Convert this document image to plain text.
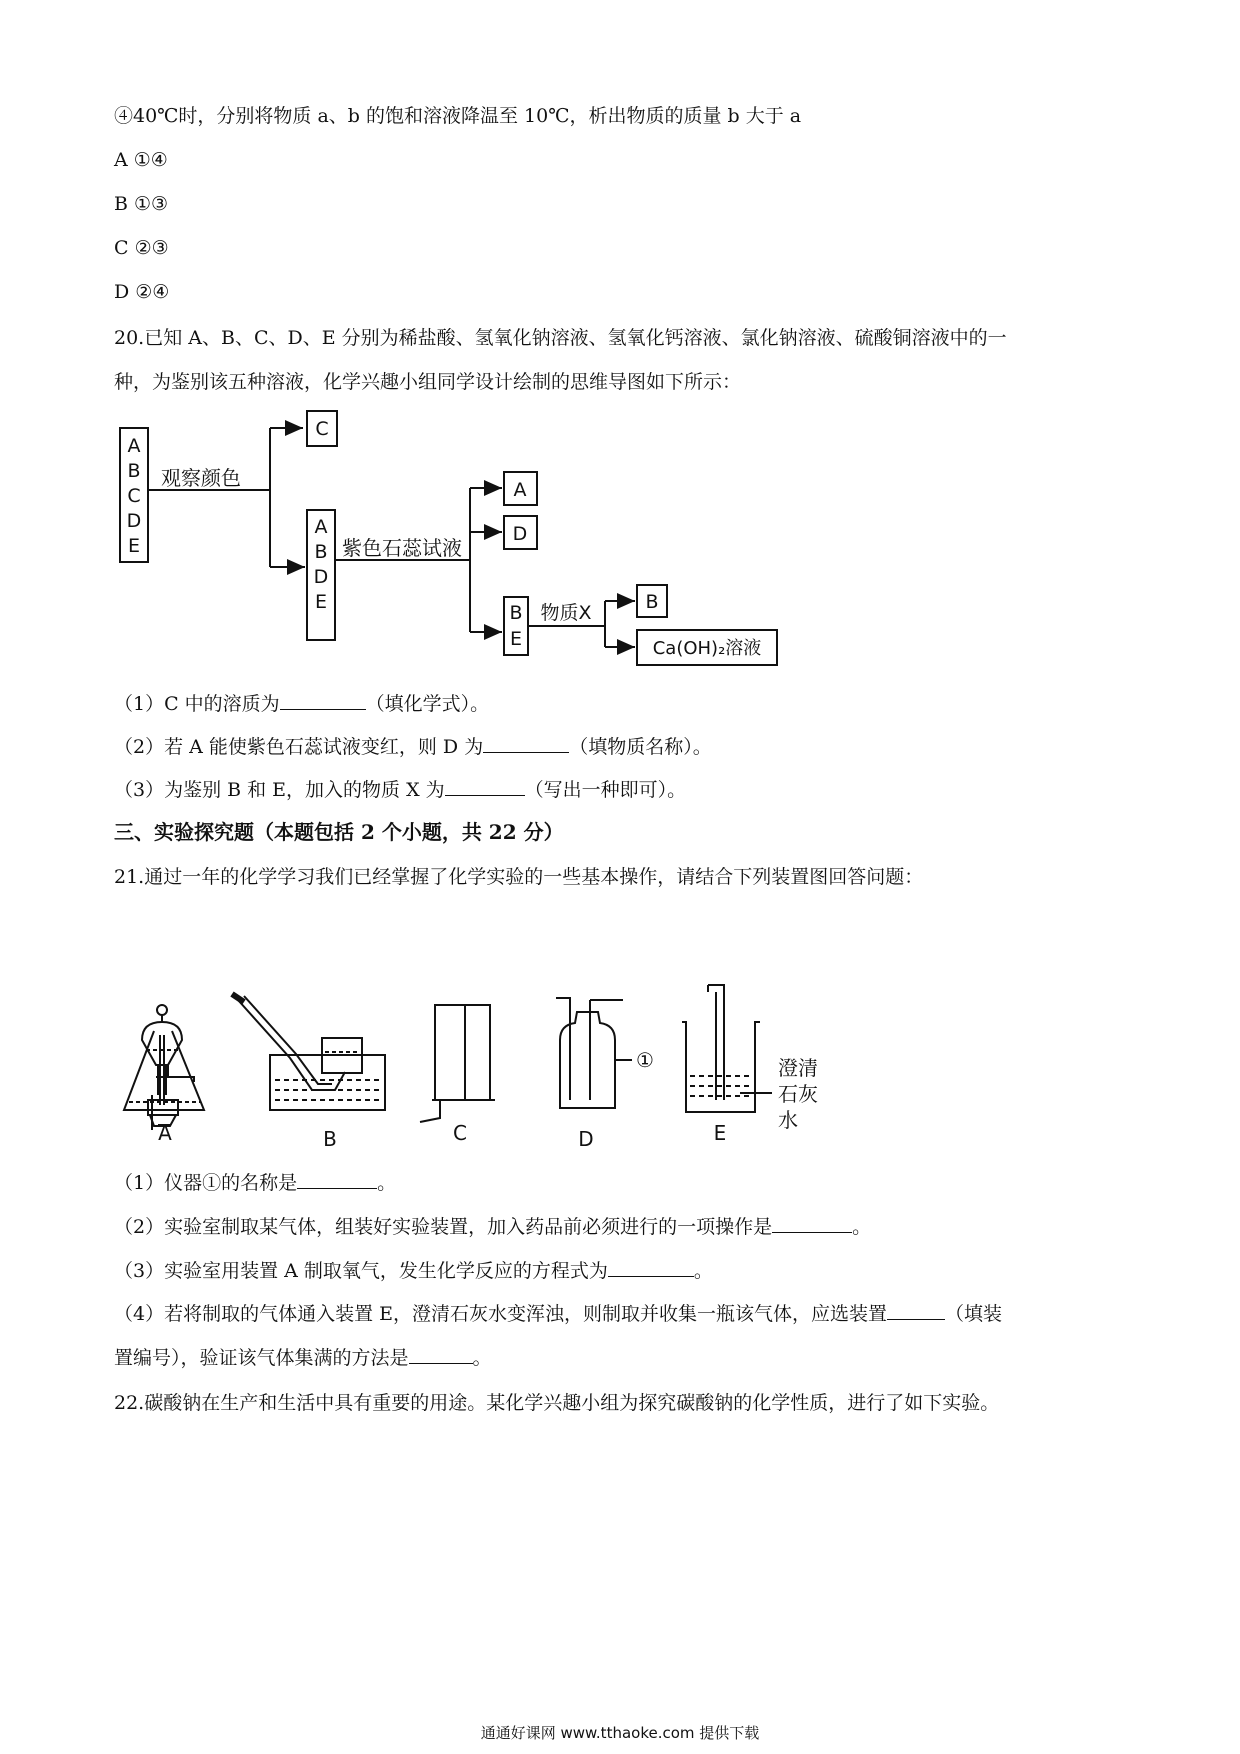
④40℃时，分别将物质 a、b 的饱和溶液降温至 10℃，析出物质的质量 b 大于 a
A ①④
B ①③
C ②③
D ②④
20.已知 A、B、C、D、E 分别为稀盐酸、氢氧化钠溶液、氢氧化钙溶液、氯化钠溶液、硫酸铜溶液中的一
种，为鉴别该五种溶液，化学兴趣小组同学设计绘制的思维导图如下所示：
A
B
C
D
E
观察颜色
C
A
B
D
E
紫色石蕊试液
A
D
B
E
物质X	B
Ca(OH)₂溶液
（1）C 中的溶质为	（填化学式）。
（2）若 A 能使紫色石蕊试液变红，则 D 为	（填物质名称）。
（3）为鉴别 B 和 E，加入的物质 X 为	（写出一种即可）。
三、实验探究题（本题包括 2 个小题，共 22 分）
21.通过一年的化学学习我们已经掌握了化学实验的一些基本操作，请结合下列装置图回答问题：
A	B	C	D	E
①	澄清
石灰
水
（1）仪器①的名称是	。
（2）实验室制取某气体，组装好实验装置，加入药品前必须进行的一项操作是	。
（3）实验室用装置 A 制取氧气，发生化学反应的方程式为	。
（4）若将制取的气体通入装置 E，澄清石灰水变浑浊，则制取并收集一瓶该气体，应选装置	（填装
置编号），验证该气体集满的方法是	。
22.碳酸钠在生产和生活中具有重要的用途。某化学兴趣小组为探究碳酸钠的化学性质，进行了如下实验。
通通好课网 www.tthaoke.com 提供下载
